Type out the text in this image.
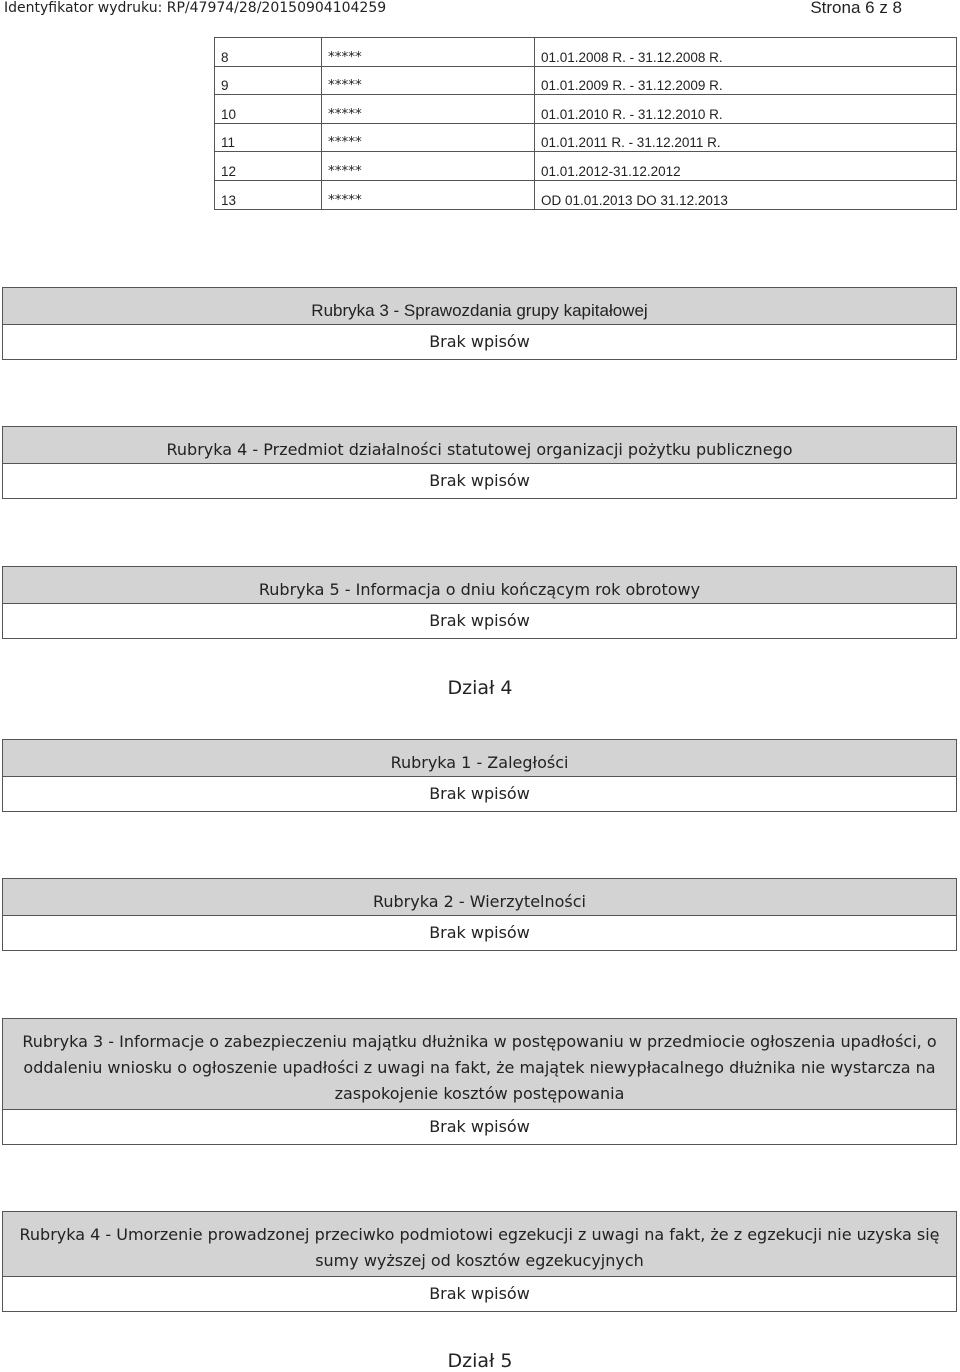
Identyfikator wydruku: RP/47974/28/20150904104259	Strona 6 z 8
8	*****	01.01.2008 R. - 31.12.2008 R.
9	*****	01.01.2009 R. - 31.12.2009 R.
10	*****	01.01.2010 R. - 31.12.2010 R.
11	*****	01.01.2011 R. - 31.12.2011 R.
12	*****	01.01.2012-31.12.2012
13	*****	OD 01.01.2013 DO 31.12.2013
Rubryka 3 - Sprawozdania grupy kapitałowej
Brak wpisów
Rubryka 4 - Przedmiot działalności statutowej organizacji pożytku publicznego
Brak wpisów
Rubryka 5 - Informacja o dniu kończącym rok obrotowy
Brak wpisów
Dział 4
Rubryka 1 - Zaległości
Brak wpisów
Rubryka 2 - Wierzytelności
Brak wpisów
Rubryka 3 - Informacje o zabezpieczeniu majątku dłużnika w postępowaniu w przedmiocie ogłoszenia upadłości, o oddaleniu wniosku o ogłoszenie upadłości z uwagi na fakt, że majątek niewypłacalnego dłużnika nie wystarcza na zaspokojenie kosztów postępowania
Brak wpisów
Rubryka 4 - Umorzenie prowadzonej przeciwko podmiotowi egzekucji z uwagi na fakt, że z egzekucji nie uzyska się sumy wyższej od kosztów egzekucyjnych
Brak wpisów
Dział 5
